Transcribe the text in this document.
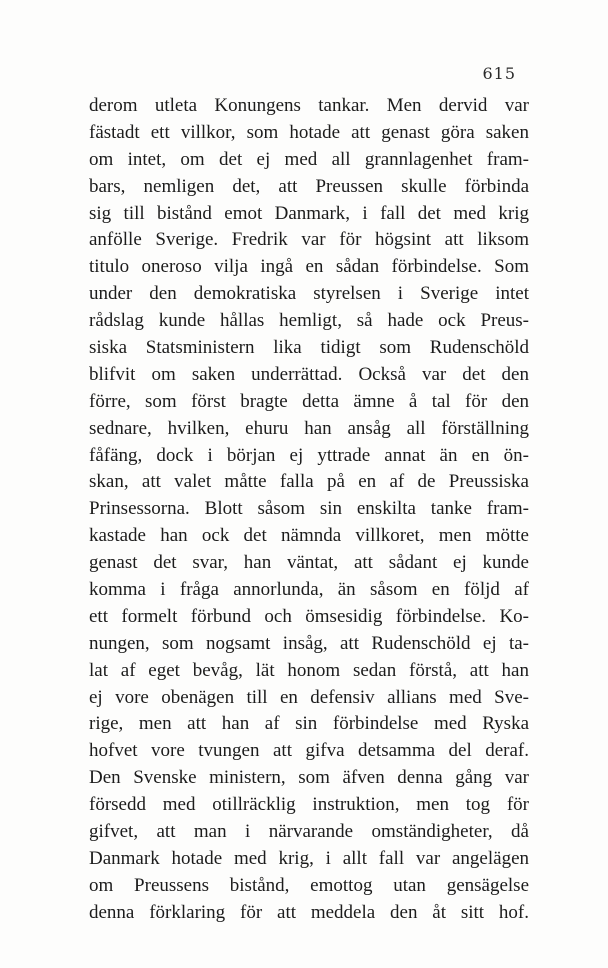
615
derom utleta Konungens tankar. Men dervid var
fästadt ett villkor, som hotade att genast göra saken
om intet, om det ej med all grannlagenhet fram-
bars, nemligen det, att Preussen skulle förbinda
sig till bistånd emot Danmark, i fall det med krig
anfölle Sverige. Fredrik var för högsint att liksom
titulo oneroso vilja ingå en sådan förbindelse. Som
under den demokratiska styrelsen i Sverige intet
rådslag kunde hållas hemligt, så hade ock Preus-
siska Statsministern lika tidigt som Rudenschöld
blifvit om saken underrättad. Också var det den
förre, som först bragte detta ämne å tal för den
sednare, hvilken, ehuru han ansåg all förställning
fåfäng, dock i början ej yttrade annat än en ön-
skan, att valet måtte falla på en af de Preussiska
Prinsessorna. Blott såsom sin enskilta tanke fram-
kastade han ock det nämnda villkoret, men mötte
genast det svar, han väntat, att sådant ej kunde
komma i fråga annorlunda, än såsom en följd af
ett formelt förbund och ömsesidig förbindelse. Ko-
nungen, som nogsamt insåg, att Rudenschöld ej ta-
lat af eget bevåg, lät honom sedan förstå, att han
ej vore obenägen till en defensiv allians med Sve-
rige, men att han af sin förbindelse med Ryska
hofvet vore tvungen att gifva detsamma del deraf.
Den Svenske ministern, som äfven denna gång var
försedd med otillräcklig instruktion, men tog för
gifvet, att man i närvarande omständigheter, då
Danmark hotade med krig, i allt fall var angelägen
om Preussens bistånd, emottog utan gensägelse
denna förklaring för att meddela den åt sitt hof.
